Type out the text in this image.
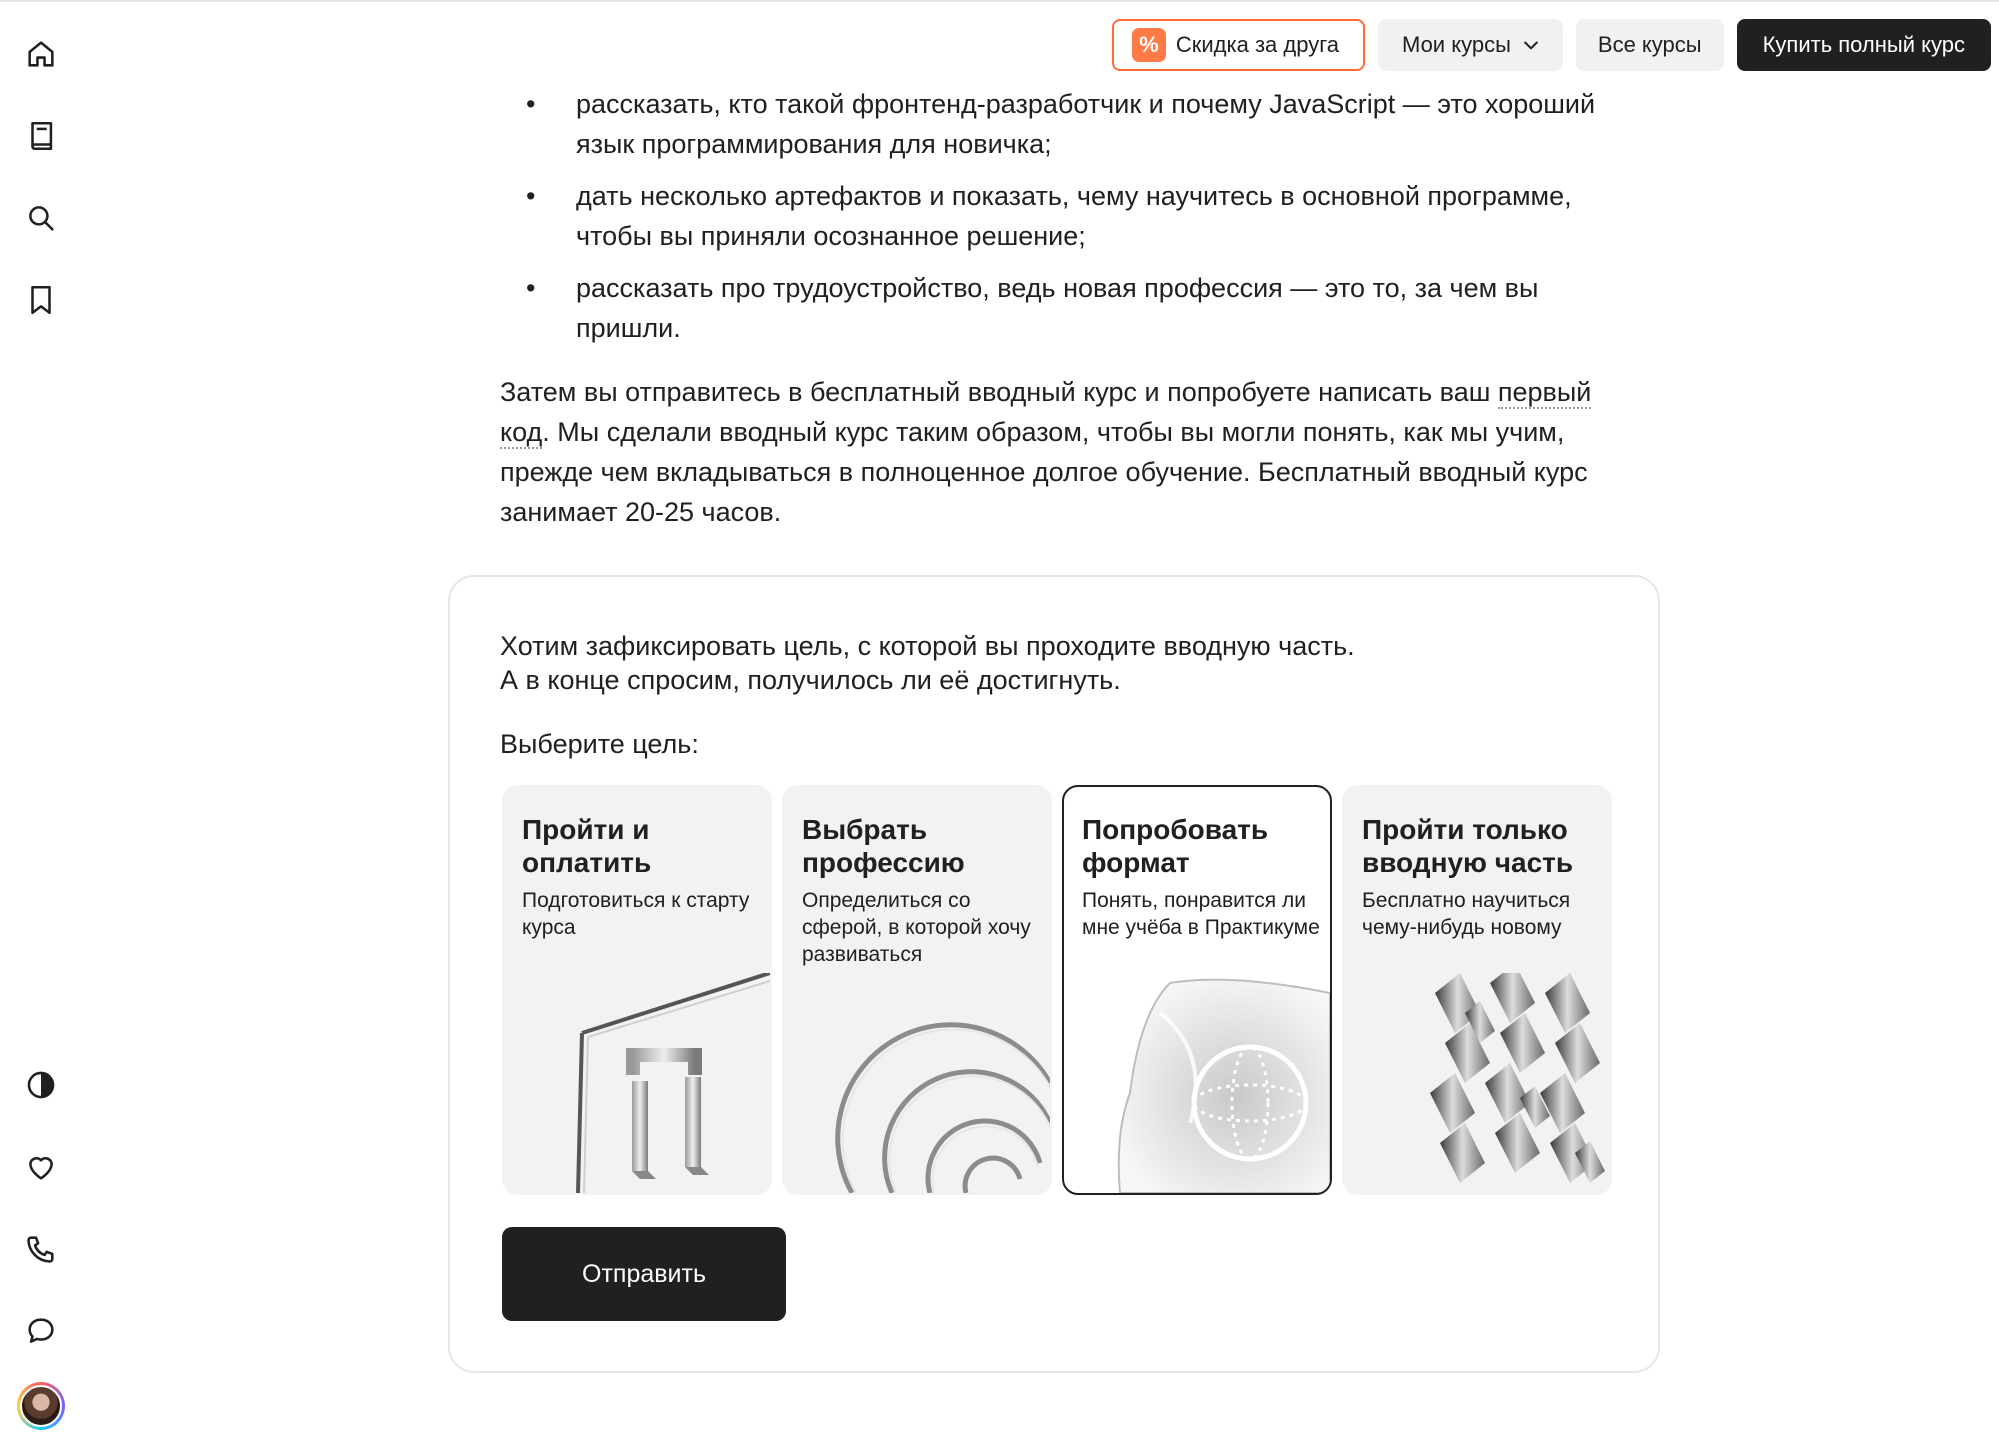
% Скидка за друга	Мои курсы	Все курсы	Купить полный курс
• рассказать, кто такой фронтенд-разработчик и почему JavaScript — это хороший язык программирования для новичка;
• дать несколько артефактов и показать, чему научитесь в основной программе, чтобы вы приняли осознанное решение;
• рассказать про трудоустройство, ведь новая профессия — это то, за чем вы пришли.

Затем вы отправитесь в бесплатный вводный курс и попробуете написать ваш первый код. Мы сделали вводный курс таким образом, чтобы вы могли понять, как мы учим, прежде чем вкладываться в полноценное долгое обучение. Бесплатный вводный курс занимает 20-25 часов.

Хотим зафиксировать цель, с которой вы проходите вводную часть.
А в конце спросим, получилось ли её достигнуть.
Выберите цель:
Пройти и оплатить
Подготовиться к старту курса
Выбрать профессию
Определиться со сферой, в которой хочу развиваться
Попробовать формат
Понять, понравится ли мне учёба в Практикуме
Пройти только вводную часть
Бесплатно научиться чему-нибудь новому
Отправить
